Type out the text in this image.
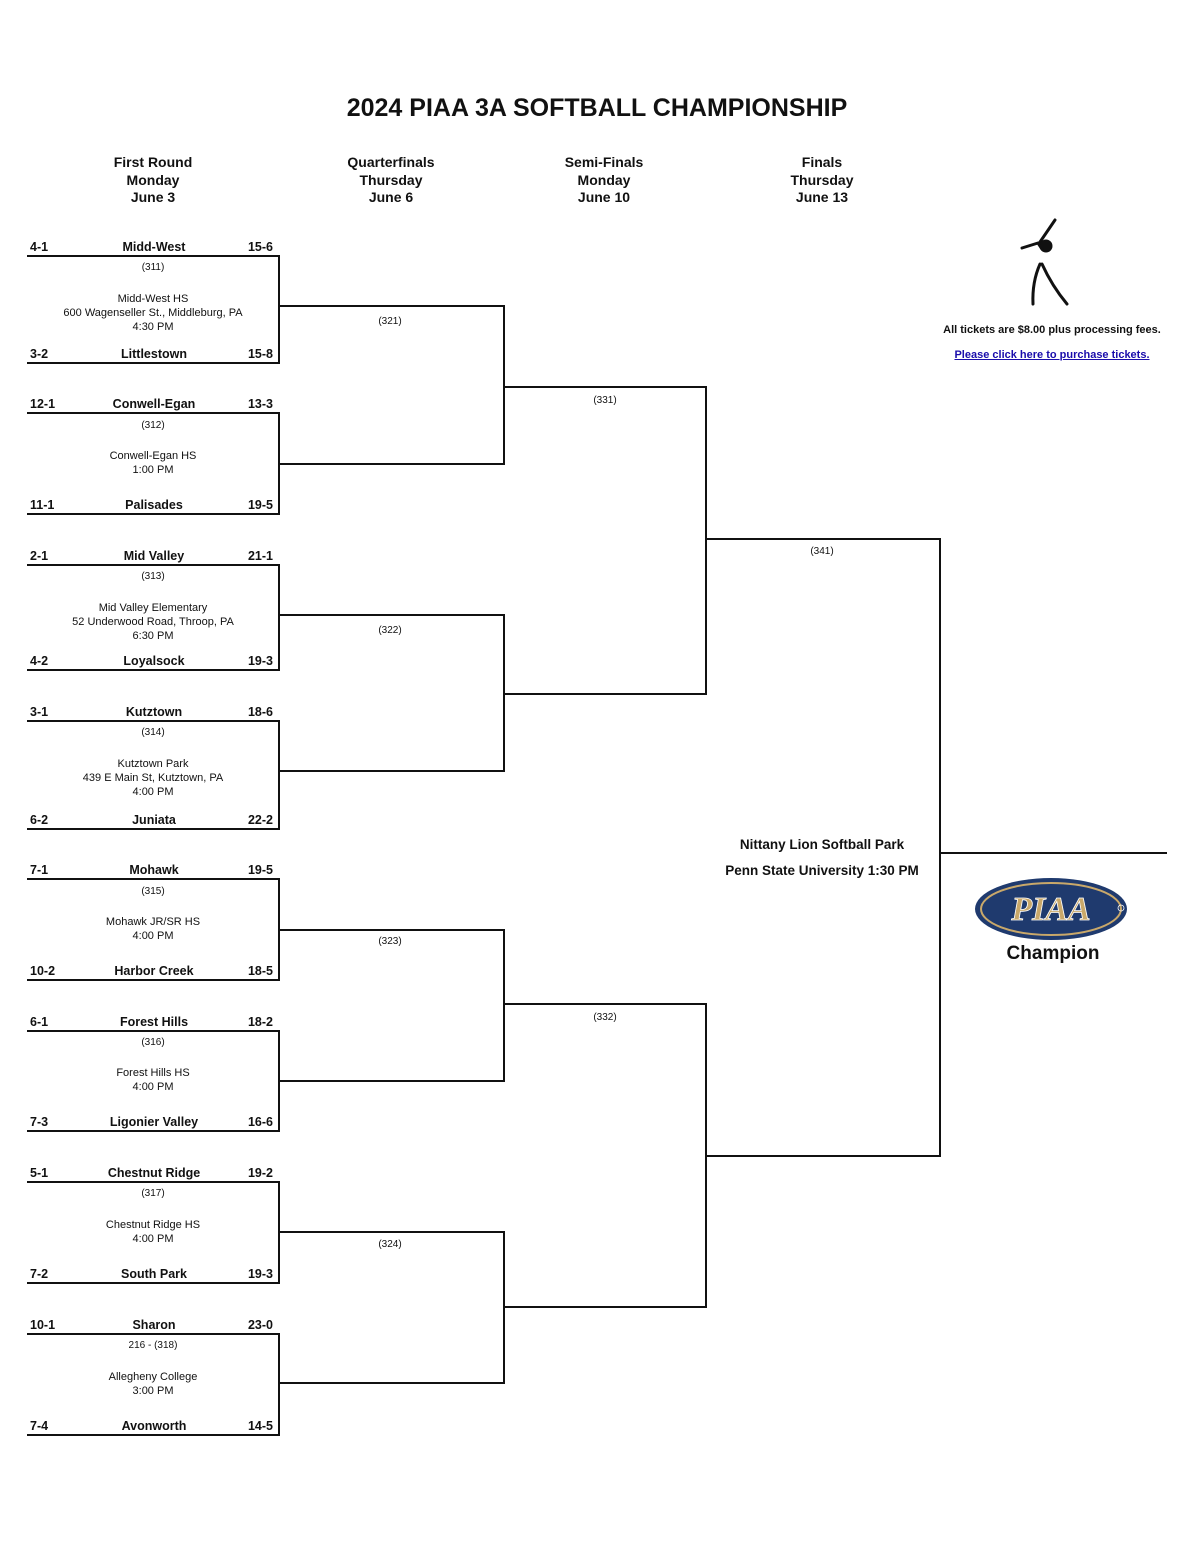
2024 PIAA 3A SOFTBALL CHAMPIONSHIP
First Round
Monday
June 3
Quarterfinals
Thursday
June 6
Semi-Finals
Monday
June 10
Finals
Thursday
June 13
4-1	Midd-West	15-6
(311)
Midd-West HS
600 Wagenseller St., Middleburg, PA
4:30 PM
3-2	Littlestown	15-8
12-1	Conwell-Egan	13-3
(312)
Conwell-Egan HS
1:00 PM
11-1	Palisades	19-5
2-1	Mid Valley	21-1
(313)
Mid Valley Elementary
52 Underwood Road, Throop, PA
6:30 PM
4-2	Loyalsock	19-3
3-1	Kutztown	18-6
(314)
Kutztown Park
439 E Main St, Kutztown, PA
4:00 PM
6-2	Juniata	22-2
7-1	Mohawk	19-5
(315)
Mohawk JR/SR HS
4:00 PM
10-2	Harbor Creek	18-5
6-1	Forest Hills	18-2
(316)
Forest Hills HS
4:00 PM
7-3	Ligonier Valley	16-6
5-1	Chestnut Ridge	19-2
(317)
Chestnut Ridge HS
4:00 PM
7-2	South Park	19-3
10-1	Sharon	23-0
216 - (318)
Allegheny College
3:00 PM
7-4	Avonworth	14-5
(321)
(322)
(323)
(324)
(331)
(332)
(341)
Nittany Lion Softball Park
Penn State University 1:30 PM
All tickets are $8.00 plus processing fees.
Please click here to purchase tickets.
PIAA
Champion
